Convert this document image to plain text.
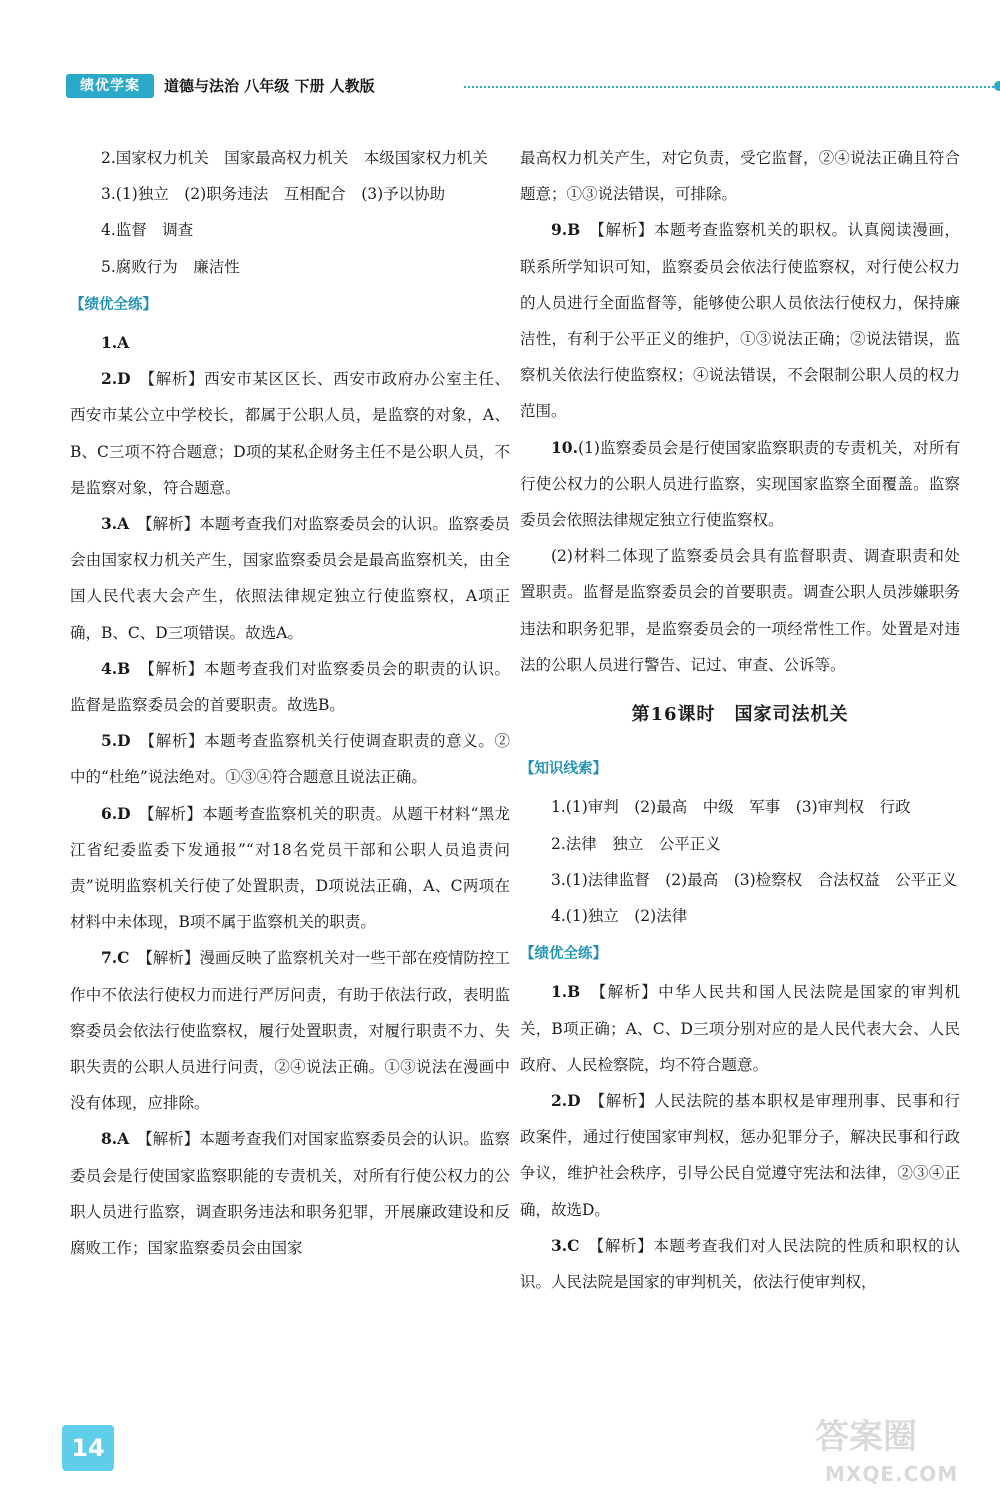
绩优学案	道德与法治 八年级 下册 人教版

2.国家权力机关　国家最高权力机关　本级国家权力机关

3.(1)独立　(2)职务违法　互相配合　(3)予以协助

4.监督　调查

5.腐败行为　廉洁性

【绩优全练】

1.A

2.D　 【解析】西安市某区区长、西安市政府办公室主任、西安市某公立中学校长，都属于公职人员，是监察的对象，A、B、C三项不符合题意；D项的某私企财务主任不是公职人员，不是监察对象，符合题意。

3.A　 【解析】本题考查我们对监察委员会的认识。监察委员会由国家权力机关产生，国家监察委员会是最高监察机关，由全国人民代表大会产生，依照法律规定独立行使监察权，A项正确，B、C、D三项错误。故选A。

4.B　 【解析】本题考查我们对监察委员会的职责的认识。监督是监察委员会的首要职责。故选B。

5.D　 【解析】本题考查监察机关行使调查职责的意义。②中的“杜绝”说法绝对。①③④符合题意且说法正确。

6.D　 【解析】本题考查监察机关的职责。从题干材料“黑龙江省纪委监委下发通报”“对18名党员干部和公职人员追责问责”说明监察机关行使了处置职责，D项说法正确，A、C两项在材料中未体现，B项不属于监察机关的职责。

7.C　 【解析】漫画反映了监察机关对一些干部在疫情防控工作中不依法行使权力而进行严厉问责，有助于依法行政，表明监察委员会依法行使监察权，履行处置职责，对履行职责不力、失职失责的公职人员进行问责，②④说法正确。①③说法在漫画中没有体现，应排除。

8.A　 【解析】本题考查我们对国家监察委员会的认识。监察委员会是行使国家监察职能的专责机关，对所有行使公权力的公职人员进行监察，调查职务违法和职务犯罪，开展廉政建设和反腐败工作；国家监察委员会由国家

最高权力机关产生，对它负责，受它监督，②④说法正确且符合题意；①③说法错误，可排除。

9.B　 【解析】本题考查监察机关的职权。认真阅读漫画，联系所学知识可知，监察委员会依法行使监察权，对行使公权力的人员进行全面监督等，能够使公职人员依法行使权力，保持廉洁性，有利于公平正义的维护，①③说法正确；②说法错误，监察机关依法行使监察权；④说法错误，不会限制公职人员的权力范围。

10.(1)监察委员会是行使国家监察职责的专责机关，对所有行使公权力的公职人员进行监察，实现国家监察全面覆盖。监察委员会依照法律规定独立行使监察权。

(2)材料二体现了监察委员会具有监督职责、调查职责和处置职责。监督是监察委员会的首要职责。调查公职人员涉嫌职务违法和职务犯罪，是监察委员会的一项经常性工作。处置是对违法的公职人员进行警告、记过、审查、公诉等。

第16课时　国家司法机关
【知识线索】

1.(1)审判　(2)最高　中级　军事　(3)审判权　行政

2.法律　独立　公平正义

3.(1)法律监督　(2)最高　(3)检察权　合法权益　公平正义

4.(1)独立　(2)法律

【绩优全练】

1.B　 【解析】中华人民共和国人民法院是国家的审判机关，B项正确；A、C、D三项分别对应的是人民代表大会、人民政府、人民检察院，均不符合题意。

2.D　 【解析】人民法院的基本职权是审理刑事、民事和行政案件，通过行使国家审判权，惩办犯罪分子，解决民事和行政争议，维护社会秩序，引导公民自觉遵守宪法和法律，②③④正确，故选D。

3.C　 【解析】本题考查我们对人民法院的性质和职权的认识。人民法院是国家的审判机关，依法行使审判权，

14	答案圈
MXQE.COM
